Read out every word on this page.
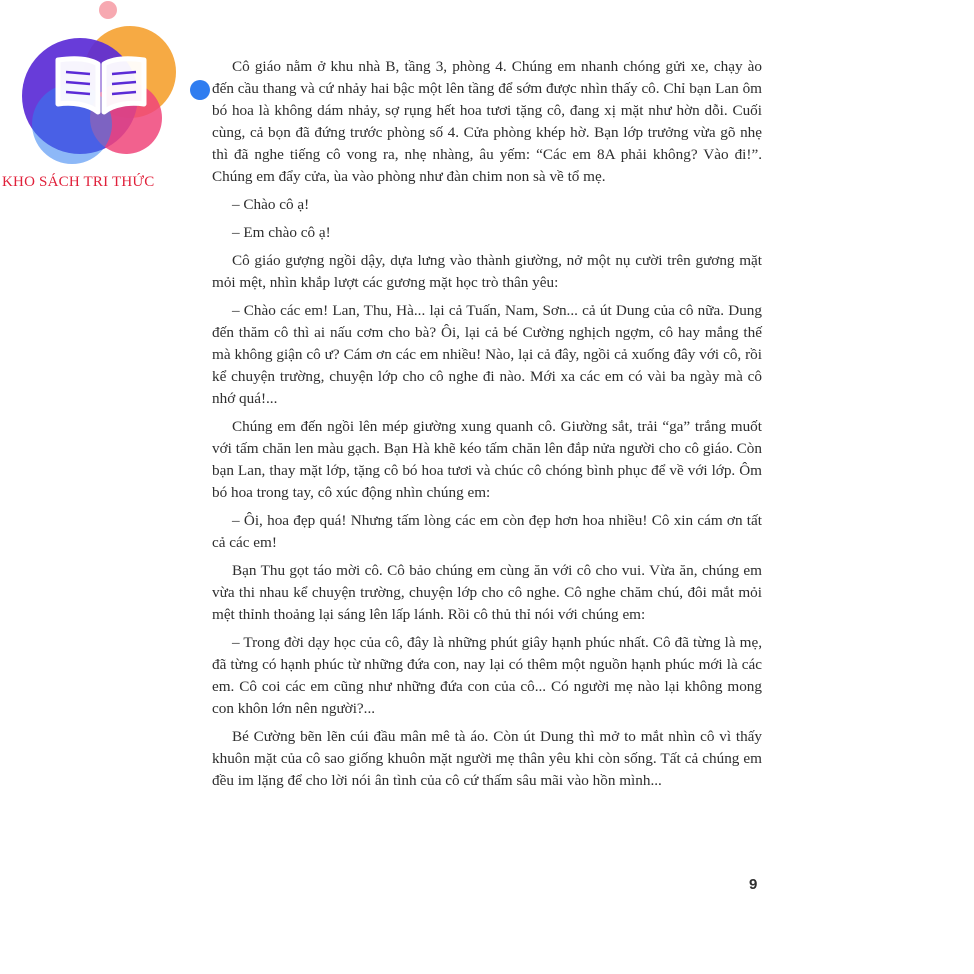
KHO SÁCH TRI THỨC

Cô giáo nằm ở khu nhà B, tầng 3, phòng 4. Chúng em nhanh chóng gửi xe, chạy ào đến cầu thang và cứ nhảy hai bậc một lên tầng để sớm được nhìn thấy cô. Chỉ bạn Lan ôm bó hoa là không dám nhảy, sợ rụng hết hoa tươi tặng cô, đang xị mặt như hờn dỗi. Cuối cùng, cả bọn đã đứng trước phòng số 4. Cửa phòng khép hờ. Bạn lớp trưởng vừa gõ nhẹ thì đã nghe tiếng cô vong ra, nhẹ nhàng, âu yếm: “Các em 8A phải không? Vào đi!”. Chúng em đẩy cửa, ùa vào phòng như đàn chim non sà về tổ mẹ.

– Chào cô ạ!

– Em chào cô ạ!

Cô giáo gượng ngồi dậy, dựa lưng vào thành giường, nở một nụ cười trên gương mặt mỏi mệt, nhìn khắp lượt các gương mặt học trò thân yêu:

– Chào các em! Lan, Thu, Hà... lại cả Tuấn, Nam, Sơn... cả út Dung của cô nữa. Dung đến thăm cô thì ai nấu cơm cho bà? Ôi, lại cả bé Cường nghịch ngợm, cô hay mắng thế mà không giận cô ư? Cám ơn các em nhiều! Nào, lại cả đây, ngồi cả xuống đây với cô, rồi kể chuyện trường, chuyện lớp cho cô nghe đi nào. Mới xa các em có vài ba ngày mà cô nhớ quá!...

Chúng em đến ngồi lên mép giường xung quanh cô. Giường sắt, trải “ga” trắng muốt với tấm chăn len màu gạch. Bạn Hà khẽ kéo tấm chăn lên đắp nửa người cho cô giáo. Còn bạn Lan, thay mặt lớp, tặng cô bó hoa tươi và chúc cô chóng bình phục để về với lớp. Ôm bó hoa trong tay, cô xúc động nhìn chúng em:

– Ôi, hoa đẹp quá! Nhưng tấm lòng các em còn đẹp hơn hoa nhiều! Cô xin cám ơn tất cả các em!

Bạn Thu gọt táo mời cô. Cô bảo chúng em cùng ăn với cô cho vui. Vừa ăn, chúng em vừa thi nhau kể chuyện trường, chuyện lớp cho cô nghe. Cô nghe chăm chú, đôi mắt mỏi mệt thỉnh thoảng lại sáng lên lấp lánh. Rồi cô thủ thỉ nói với chúng em:

– Trong đời dạy học của cô, đây là những phút giây hạnh phúc nhất. Cô đã từng là mẹ, đã từng có hạnh phúc từ những đứa con, nay lại có thêm một nguồn hạnh phúc mới là các em. Cô coi các em cũng như những đứa con của cô... Có người mẹ nào lại không mong con khôn lớn nên người?...

Bé Cường bẽn lẽn cúi đầu mân mê tà áo. Còn út Dung thì mở to mắt nhìn cô vì thấy khuôn mặt của cô sao giống khuôn mặt người mẹ thân yêu khi còn sống. Tất cả chúng em đều im lặng để cho lời nói ân tình của cô cứ thấm sâu mãi vào hồn mình...

9
